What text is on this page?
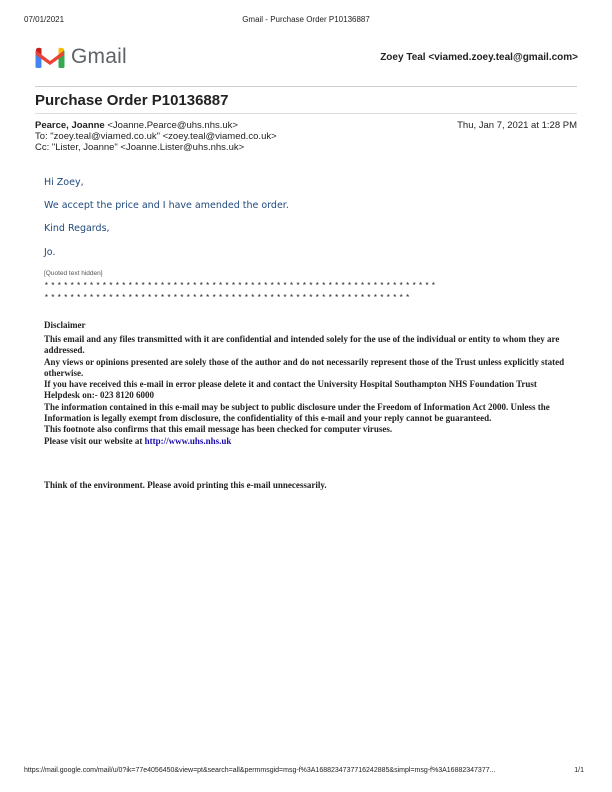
07/01/2021	Gmail - Purchase Order P10136887
Gmail	Zoey Teal <viamed.zoey.teal@gmail.com>
Purchase Order P10136887
Pearce, Joanne <Joanne.Pearce@uhs.nhs.uk>	Thu, Jan 7, 2021 at 1:28 PM
To: "zoey.teal@viamed.co.uk" <zoey.teal@viamed.co.uk>
Cc: "Lister, Joanne" <Joanne.Lister@uhs.nhs.uk>
Hi Zoey,
We accept the price and I have amended the order.
Kind Regards,
Jo.
[Quoted text hidden]
*************************************************************
*********************************************************
Disclaimer
This email and any files transmitted with it are confidential and intended solely for the use of the individual or entity to whom they are addressed.
Any views or opinions presented are solely those of the author and do not necessarily represent those of the Trust unless explicitly stated otherwise.
If you have received this e-mail in error please delete it and contact the University Hospital Southampton NHS Foundation Trust Helpdesk on:- 023 8120 6000
The information contained in this e-mail may be subject to public disclosure under the Freedom of Information Act 2000. Unless the Information is legally exempt from disclosure, the confidentiality of this e-mail and your reply cannot be guaranteed.
This footnote also confirms that this email message has been checked for computer viruses.
Please visit our website at http://www.uhs.nhs.uk
Think of the environment. Please avoid printing this e-mail unnecessarily.
https://mail.google.com/mail/u/0?ik=77e4056450&view=pt&search=all&permmsgid=msg-f%3A1688234737716242885&simpl=msg-f%3A16882347377...	1/1
